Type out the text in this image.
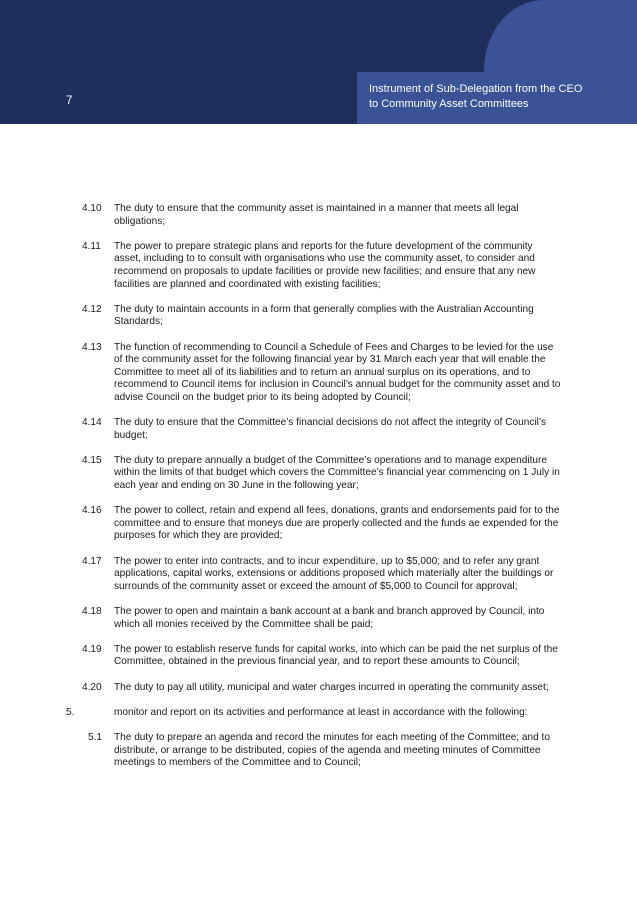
7
Instrument of Sub-Delegation from the CEO
to Community Asset Committees
4.10 The duty to ensure that the community asset is maintained in a manner that meets all legal obligations;
4.11 The power to prepare strategic plans and reports for the future development of the community asset, including to to consult with organisations who use the community asset, to consider and recommend on proposals to update facilities or provide new facilities; and ensure that any new facilities are planned and coordinated with existing facilities;
4.12 The duty to maintain accounts in a form that generally complies with the Australian Accounting Standards;
4.13 The function of recommending to Council a Schedule of Fees and Charges to be levied for the use of the community asset for the following financial year by 31 March each year that will enable the Committee to meet all of its liabilities and to return an annual surplus on its operations, and to recommend to Council items for inclusion in Council’s annual budget for the community asset and to advise Council on the budget prior to its being adopted by Council;
4.14 The duty to ensure that the Committee’s financial decisions do not affect the integrity of Council’s budget;
4.15 The duty to prepare annually a budget of the Committee’s operations and to manage expenditure within the limits of that budget which covers the Committee’s financial year commencing on 1 July in each year and ending on 30 June in the following year;
4.16 The power to collect, retain and expend all fees, donations, grants and endorsements paid for to the committee and to ensure that moneys due are properly collected and the funds ae expended for the purposes for which they are provided;
4.17 The power to enter into contracts, and to incur expenditure, up to $5,000; and to refer any grant applications, capital works, extensions or additions proposed which materially alter the buildings or surrounds of the community asset or exceed the amount of $5,000 to Council for approval;
4.18 The power to open and maintain a bank account at a bank and branch approved by Council, into which all monies received by the Committee shall be paid;
4.19 The power to establish reserve funds for capital works, into which can be paid the net surplus of the Committee, obtained in the previous financial year, and to report these amounts to Council;
4.20 The duty to pay all utility, municipal and water charges incurred in operating the community asset;
5.	monitor and report on its activities and performance at least in accordance with the following:
5.1 The duty to prepare an agenda and record the minutes for each meeting of the Committee; and to distribute, or arrange to be distributed, copies of the agenda and meeting minutes of Committee meetings to members of the Committee and to Council;
